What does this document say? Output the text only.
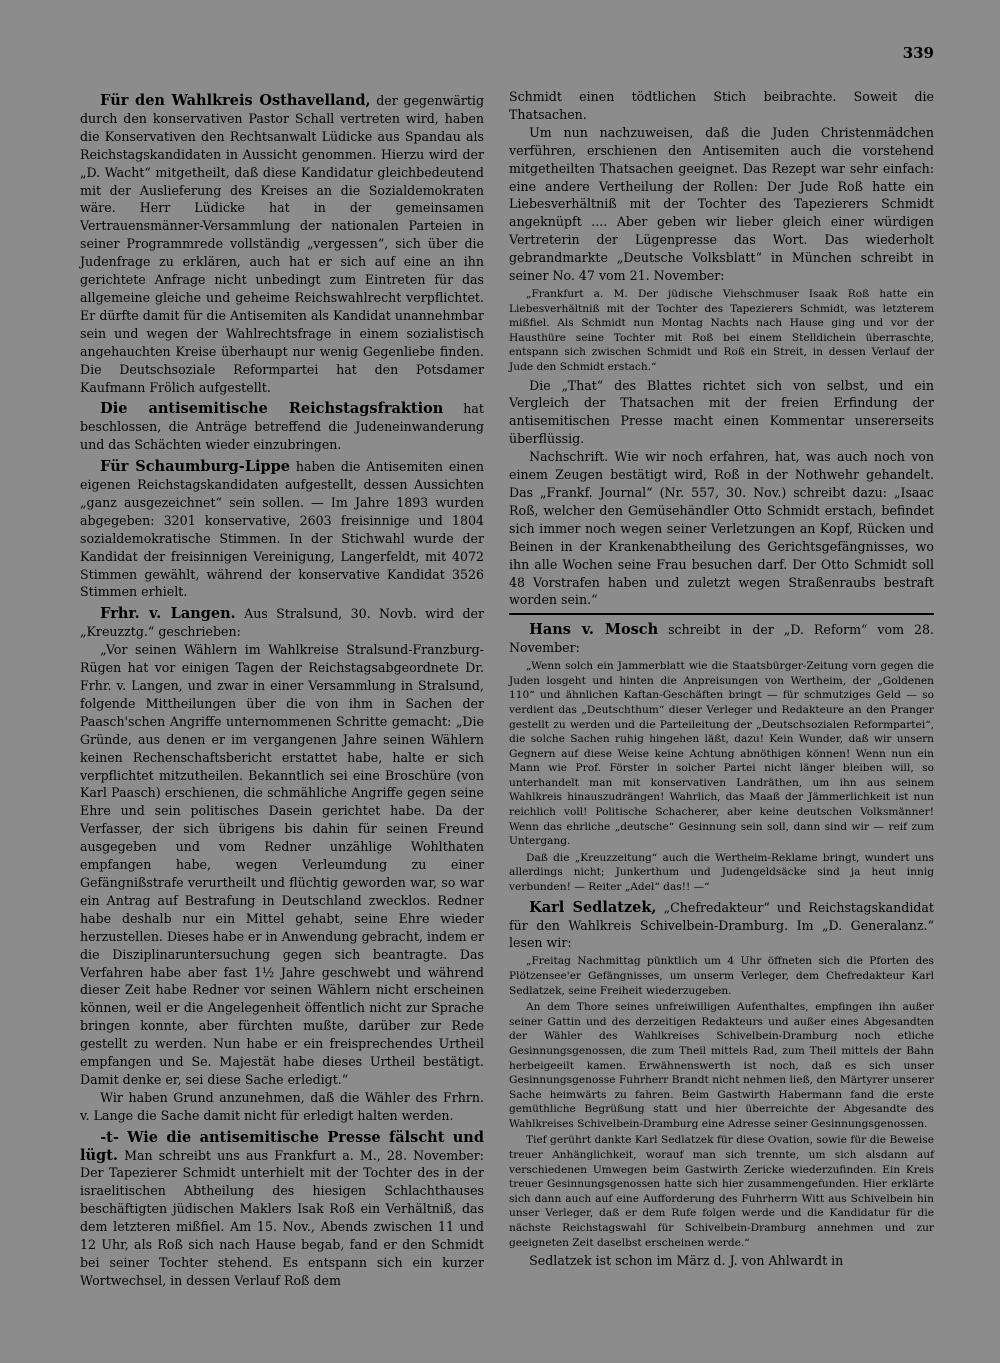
339

Für den Wahlkreis Osthavelland, der gegenwärtig durch den konservativen Pastor Schall vertreten wird, haben die Konservativen den Rechtsanwalt Lüdicke aus Spandau als Reichstagskandidaten in Aussicht genommen. Hierzu wird der „D. Wacht“ mitgetheilt, daß diese Kandidatur gleichbedeutend mit der Auslieferung des Kreises an die Sozialdemokraten wäre. Herr Lüdicke hat in der gemeinsamen Vertrauensmänner-Versammlung der nationalen Parteien in seiner Programmrede vollständig „vergessen“, sich über die Judenfrage zu erklären, auch hat er sich auf eine an ihn gerichtete Anfrage nicht unbedingt zum Eintreten für das allgemeine gleiche und geheime Reichswahlrecht verpflichtet. Er dürfte damit für die Antisemiten als Kandidat unannehmbar sein und wegen der Wahlrechtsfrage in einem sozialistisch angehauchten Kreise überhaupt nur wenig Gegenliebe finden. Die Deutschsoziale Reformpartei hat den Potsdamer Kaufmann Frölich aufgestellt.

Die antisemitische Reichstagsfraktion hat beschlossen, die Anträge betreffend die Judeneinwanderung und das Schächten wieder einzubringen.

Für Schaumburg-Lippe haben die Antisemiten einen eigenen Reichstagskandidaten aufgestellt, dessen Aussichten „ganz ausgezeichnet“ sein sollen. — Im Jahre 1893 wurden abgegeben: 3201 konservative, 2603 freisinnige und 1804 sozialdemokratische Stimmen. In der Stichwahl wurde der Kandidat der freisinnigen Vereinigung, Langerfeldt, mit 4072 Stimmen gewählt, während der konservative Kandidat 3526 Stimmen erhielt.

Frhr. v. Langen. Aus Stralsund, 30. Novb. wird der „Kreuzztg.“ geschrieben:

„Vor seinen Wählern im Wahlkreise Stralsund-Franzburg-Rügen hat vor einigen Tagen der Reichstagsabgeordnete Dr. Frhr. v. Langen, und zwar in einer Versammlung in Stralsund, folgende Mittheilungen über die von ihm in Sachen der Paasch'schen Angriffe unternommenen Schritte gemacht: „Die Gründe, aus denen er im vergangenen Jahre seinen Wählern keinen Rechenschaftsbericht erstattet habe, halte er sich verpflichtet mitzutheilen. Bekanntlich sei eine Broschüre (von Karl Paasch) erschienen, die schmähliche Angriffe gegen seine Ehre und sein politisches Dasein gerichtet habe. Da der Verfasser, der sich übrigens bis dahin für seinen Freund ausgegeben und vom Redner unzählige Wohlthaten empfangen habe, wegen Verleumdung zu einer Gefängnißstrafe verurtheilt und flüchtig geworden war, so war ein Antrag auf Bestrafung in Deutschland zwecklos. Redner habe deshalb nur ein Mittel gehabt, seine Ehre wieder herzustellen. Dieses habe er in Anwendung gebracht, indem er die Disziplinaruntersuchung gegen sich beantragte. Das Verfahren habe aber fast 1½ Jahre geschwebt und während dieser Zeit habe Redner vor seinen Wählern nicht erscheinen können, weil er die Angelegenheit öffentlich nicht zur Sprache bringen konnte, aber fürchten mußte, darüber zur Rede gestellt zu werden. Nun habe er ein freisprechendes Urtheil empfangen und Se. Majestät habe dieses Urtheil bestätigt. Damit denke er, sei diese Sache erledigt.“

Wir haben Grund anzunehmen, daß die Wähler des Frhrn. v. Lange die Sache damit nicht für erledigt halten werden.

-t- Wie die antisemitische Presse fälscht und lügt. Man schreibt uns aus Frankfurt a. M., 28. November: Der Tapezierer Schmidt unterhielt mit der Tochter des in der israelitischen Abtheilung des hiesigen Schlachthauses beschäftigten jüdischen Maklers Isak Roß ein Verhältniß, das dem letzteren mißfiel. Am 15. Nov., Abends zwischen 11 und 12 Uhr, als Roß sich nach Hause begab, fand er den Schmidt bei seiner Tochter stehend. Es entspann sich ein kurzer Wortwechsel, in dessen Verlauf Roß dem

Schmidt einen tödtlichen Stich beibrachte. Soweit die Thatsachen.

Um nun nachzuweisen, daß die Juden Christenmädchen verführen, erschienen den Antisemiten auch die vorstehend mitgetheilten Thatsachen geeignet. Das Rezept war sehr einfach: eine andere Vertheilung der Rollen: Der Jude Roß hatte ein Liebesverhältniß mit der Tochter des Tapezierers Schmidt angeknüpft .... Aber geben wir lieber gleich einer würdigen Vertreterin der Lügenpresse das Wort. Das wiederholt gebrandmarkte „Deutsche Volksblatt“ in München schreibt in seiner No. 47 vom 21. November:

„Frankfurt a. M. Der jüdische Viehschmuser Isaak Roß hatte ein Liebesverhältniß mit der Tochter des Tapezierers Schmidt, was letzterem mißfiel. Als Schmidt nun Montag Nachts nach Hause ging und vor der Hausthüre seine Tochter mit Roß bei einem Stelldichein überraschte, entspann sich zwischen Schmidt und Roß ein Streit, in dessen Verlauf der Jude den Schmidt erstach.“

Die „That“ des Blattes richtet sich von selbst, und ein Vergleich der Thatsachen mit der freien Erfindung der antisemitischen Presse macht einen Kommentar unsererseits überflüssig.

Nachschrift. Wie wir noch erfahren, hat, was auch noch von einem Zeugen bestätigt wird, Roß in der Nothwehr gehandelt. Das „Frankf. Journal“ (Nr. 557, 30. Nov.) schreibt dazu: „Isaac Roß, welcher den Gemüsehändler Otto Schmidt erstach, befindet sich immer noch wegen seiner Verletzungen an Kopf, Rücken und Beinen in der Krankenabtheilung des Gerichtsgefängnisses, wo ihn alle Wochen seine Frau besuchen darf. Der Otto Schmidt soll 48 Vorstrafen haben und zuletzt wegen Straßenraubs bestraft worden sein.“

Hans v. Mosch schreibt in der „D. Reform“ vom 28. November:

„Wenn solch ein Jammerblatt wie die Staatsbürger-Zeitung vorn gegen die Juden losgeht und hinten die Anpreisungen von Wertheim, der „Goldenen 110“ und ähnlichen Kaftan-Geschäften bringt — für schmutziges Geld — so verdient das „Deutschthum“ dieser Verleger und Redakteure an den Pranger gestellt zu werden und die Parteileitung der „Deutschsozialen Reformpartei“, die solche Sachen ruhig hingehen läßt, dazu! Kein Wunder, daß wir unsern Gegnern auf diese Weise keine Achtung abnöthigen können! Wenn nun ein Mann wie Prof. Förster in solcher Partei nicht länger bleiben will, so unterhandelt man mit konservativen Landräthen, um ihn aus seinem Wahlkreis hinauszudrängen! Wahrlich, das Maaß der Jämmerlichkeit ist nun reichlich voll! Politische Schacherer, aber keine deutschen Volksmänner! Wenn das ehrliche „deutsche“ Gesinnung sein soll, dann sind wir — reif zum Untergang.

Daß die „Kreuzzeitung“ auch die Wertheim-Reklame bringt, wundert uns allerdings nicht; Junkerthum und Judengeldsäcke sind ja heut innig verbunden! — Reiter „Adel“ das!! —“

Karl Sedlatzek, „Chefredakteur“ und Reichstagskandidat für den Wahlkreis Schivelbein-Dramburg. Im „D. Generalanz.“ lesen wir:

„Freitag Nachmittag pünktlich um 4 Uhr öffneten sich die Pforten des Plötzensee'er Gefängnisses, um unserm Verleger, dem Chefredakteur Karl Sedlatzek, seine Freiheit wiederzugeben.

An dem Thore seines unfreiwilligen Aufenthaltes, empfingen ihn außer seiner Gattin und des derzeitigen Redakteurs und außer eines Abgesandten der Wähler des Wahlkreises Schivelbein-Dramburg noch etliche Gesinnungsgenossen, die zum Theil mittels Rad, zum Theil mittels der Bahn herbeigeeilt kamen. Erwähnenswerth ist noch, daß es sich unser Gesinnungsgenosse Fuhrherr Brandt nicht nehmen ließ, den Märtyrer unserer Sache heimwärts zu fahren. Beim Gastwirth Habermann fand die erste gemüthliche Begrüßung statt und hier überreichte der Abgesandte des Wahlkreises Schivelbein-Dramburg eine Adresse seiner Gesinnungsgenossen.

Tief gerührt dankte Karl Sedlatzek für diese Ovation, sowie für die Beweise treuer Anhänglichkeit, worauf man sich trennte, um sich alsdann auf verschiedenen Umwegen beim Gastwirth Zericke wiederzufinden. Ein Kreis treuer Gesinnungsgenossen hatte sich hier zusammengefunden. Hier erklärte sich dann auch auf eine Aufforderung des Fuhrherrn Witt aus Schivelbein hin unser Verleger, daß er dem Rufe folgen werde und die Kandidatur für die nächste Reichstagswahl für Schivelbein-Dramburg annehmen und zur geeigneten Zeit daselbst erscheinen werde.“

Sedlatzek ist schon im März d. J. von Ahlwardt in
